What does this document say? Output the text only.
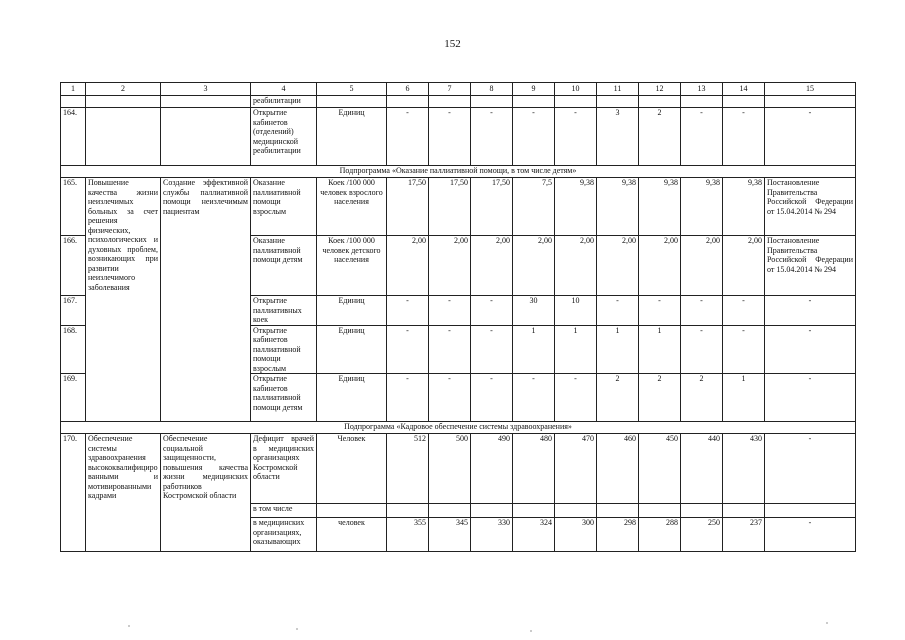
152
1	2	3	4	5	6	7	8	9	10	11	12	13	14	15
			реабилитации											
164.			Открытие кабинетов (отделений) медицинской реабилитации	Единиц	-	-	-	-	-	3	2	-	-	-
Подпрограмма «Оказание паллиативной помощи, в том числе детям»														
165.	Повышение качества жизни неизлечимых больных за счет решения физических, психологических и духовных проблем, возникающих при развитии неизлечимого заболевания	Создание эффективной службы паллиативной помощи неизлечимым пациентам	Оказание паллиативной помощи взрослым	Коек /100 000 человек взрослого населения	17,50	17,50	17,50	7,5	9,38	9,38	9,38	9,38	9,38	Постановление Правительства Российской Федерации от 15.04.2014 № 294
166.			Оказание паллиативной помощи детям	Коек /100 000 человек детского населения	2,00	2,00	2,00	2,00	2,00	2,00	2,00	2,00	2,00	Постановление Правительства Российской Федерации от 15.04.2014 № 294
167.			Открытие паллиативных коек	Единиц	-	-	-	30	10	-	-	-	-	-
168.			Открытие кабинетов паллиативной помощи взрослым	Единиц	-	-	-	1	1	1	1	-	-	-
169.			Открытие кабинетов паллиативной помощи детям	Единиц	-	-	-	-	-	2	2	2	1	-
Подпрограмма «Кадровое обеспечение системы здравоохранения»														
170.	Обеспечение системы здравоохранения высококвалифицированными и мотивированными кадрами	Обеспечение социальной защищенности, повышения качества жизни медицинских работников Костромской области	Дефицит врачей в медицинских организациях Костромской области	Человек	512	500	490	480	470	460	450	440	430	-
			в том числе											
			в медицинских организациях, оказывающих	человек	355	345	330	324	300	298	288	250	237	-
